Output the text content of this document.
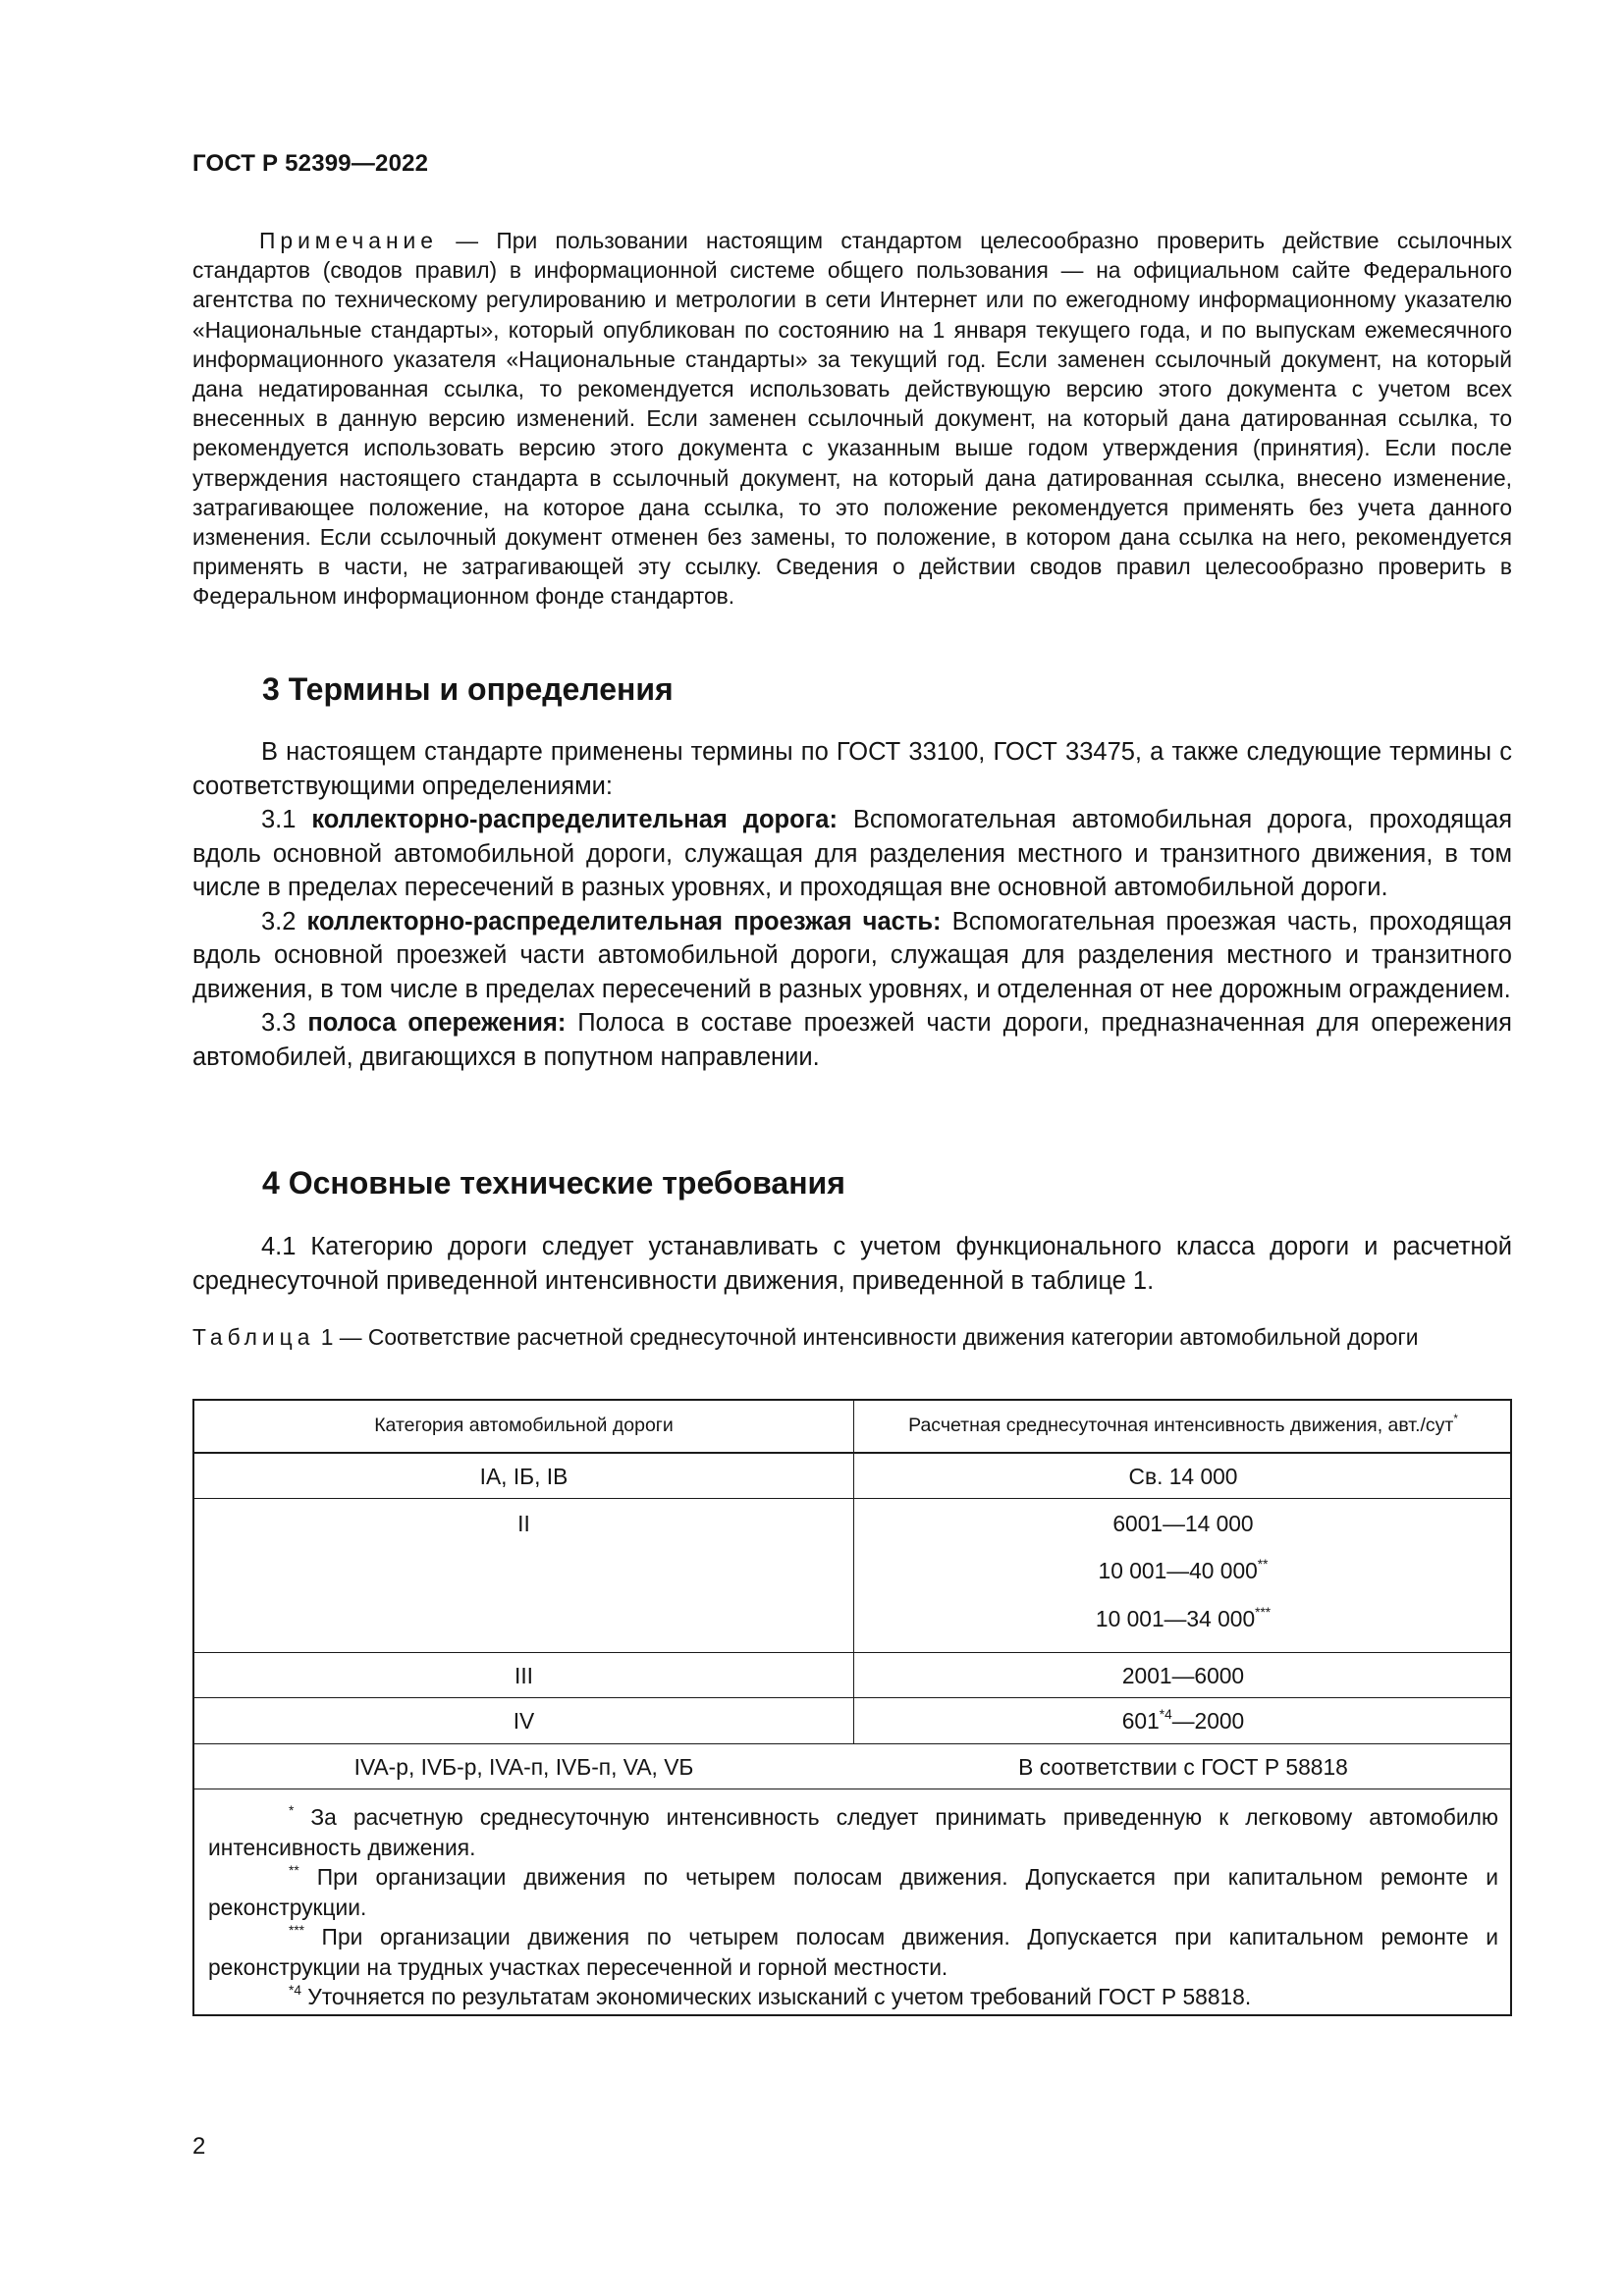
ГОСТ Р 52399—2022
Примечание — При пользовании настоящим стандартом целесообразно проверить действие ссылочных стандартов (сводов правил) в информационной системе общего пользования — на официальном сайте Федерального агентства по техническому регулированию и метрологии в сети Интернет или по ежегодному информационному указателю «Национальные стандарты», который опубликован по состоянию на 1 января текущего года, и по выпускам ежемесячного информационного указателя «Национальные стандарты» за текущий год. Если заменен ссылочный документ, на который дана недатированная ссылка, то рекомендуется использовать действующую версию этого документа с учетом всех внесенных в данную версию изменений. Если заменен ссылочный документ, на который дана датированная ссылка, то рекомендуется использовать версию этого документа с указанным выше годом утверждения (принятия). Если после утверждения настоящего стандарта в ссылочный документ, на который дана датированная ссылка, внесено изменение, затрагивающее положение, на которое дана ссылка, то это положение рекомендуется применять без учета данного изменения. Если ссылочный документ отменен без замены, то положение, в котором дана ссылка на него, рекомендуется применять в части, не затрагивающей эту ссылку. Сведения о действии сводов правил целесообразно проверить в Федеральном информационном фонде стандартов.
3 Термины и определения

В настоящем стандарте применены термины по ГОСТ 33100, ГОСТ 33475, а также следующие термины с соответствующими определениями:

3.1 коллекторно-распределительная дорога: Вспомогательная автомобильная дорога, проходящая вдоль основной автомобильной дороги, служащая для разделения местного и транзитного движения, в том числе в пределах пересечений в разных уровнях, и проходящая вне основной автомобильной дороги.

3.2 коллекторно-распределительная проезжая часть: Вспомогательная проезжая часть, проходящая вдоль основной проезжей части автомобильной дороги, служащая для разделения местного и транзитного движения, в том числе в пределах пересечений в разных уровнях, и отделенная от нее дорожным ограждением.

3.3 полоса опережения: Полоса в составе проезжей части дороги, предназначенная для опережения автомобилей, двигающихся в попутном направлении.

4 Основные технические требования

4.1 Категорию дороги следует устанавливать с учетом функционального класса дороги и расчетной среднесуточной приведенной интенсивности движения, приведенной в таблице 1.

Таблица 1 — Соответствие расчетной среднесуточной интенсивности движения категории автомобильной дороги
Категория автомобильной дороги	Расчетная среднесуточная интенсивность движения, авт./сут*
IA, IБ, IB	Св. 14 000
II	6001—14 000
10 001—40 000**
10 001—34 000***
III	2001—6000
IV	601$^{*4}$—2000
IVA-р, IVБ-р, IVA-п, IVБ-п, VA, VБ	В соответствии с ГОСТ Р 58818

* За расчетную среднесуточную интенсивность следует принимать приведенную к легковому автомобилю интенсивность движения.

** При организации движения по четырем полосам движения. Допускается при капитальном ремонте и реконструкции.

*** При организации движения по четырем полосам движения. Допускается при капитальном ремонте и реконструкции на трудных участках пересеченной и горной местности.

$^{*4}$ Уточняется по результатам экономических изысканий с учетом требований ГОСТ Р 58818.

2
